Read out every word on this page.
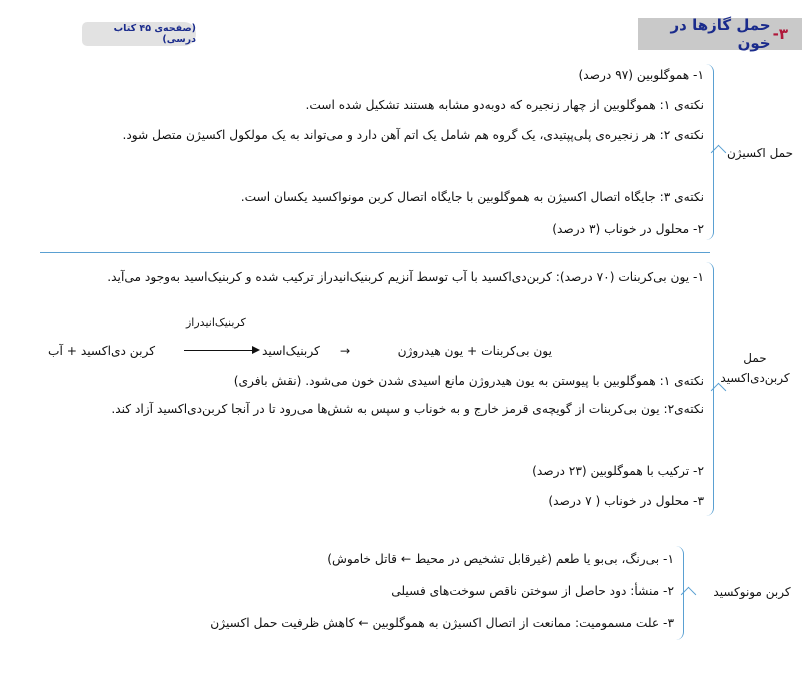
۳-
حمل گازها در خون
(صفحه‌ی ۴۵ کتاب درسی)
حمل اکسیژن
۱- هموگلوبین (۹۷ درصد)
نکته‌ی ۱: هموگلوبین از چهار زنجیره که دوبه‌دو مشابه هستند تشکیل شده است.
نکته‌ی ۲: هر زنجیره‌ی پلی‌پپتیدی، یک گروه هم شامل یک اتم آهن دارد و می‌تواند به یک مولکول اکسیژن متصل شود.
نکته‌ی ۳: جایگاه اتصال اکسیژن به هموگلوبین با جایگاه اتصال کربن مونواکسید یکسان است.
۲- محلول در خوناب (۳ درصد)
حمل
کربن‌دی‌اکسید
۱- یون بی‌کربنات (۷۰ درصد): کربن‌دی‌اکسید با آب توسط آنزیم کربنیک‌انیدراز ترکیب شده و کربنیک‌اسید به‌وجود می‌آید.
یون بی‌کربنات + یون هیدروژن
→
کربنیک‌اسید
کربنیک‌انیدراز
کربن دی‌اکسید + آب
نکته‌ی ۱: هموگلوبین با پیوستن به یون هیدروژن مانع اسیدی شدن خون می‌شود. (نقش بافری)
نکته‌ی۲: یون بی‌کربنات از گویچه‌ی قرمز خارج و به خوناب و سپس به شش‌ها می‌رود تا در آنجا کربن‌دی‌اکسید آزاد کند.
۲- ترکیب با هموگلوبین (۲۳ درصد)
۳- محلول در خوناب ( ۷ درصد)
کربن مونوکسید
۱- بی‌رنگ، بی‌بو یا طعم (غیرقابل تشخیص در محیط ← قاتل خاموش)
۲- منشأ: دود حاصل از سوختن ناقص سوخت‌های فسیلی
۳- علت مسمومیت: ممانعت از اتصال اکسیژن به هموگلوبین ← کاهش ظرفیت حمل اکسیژن
